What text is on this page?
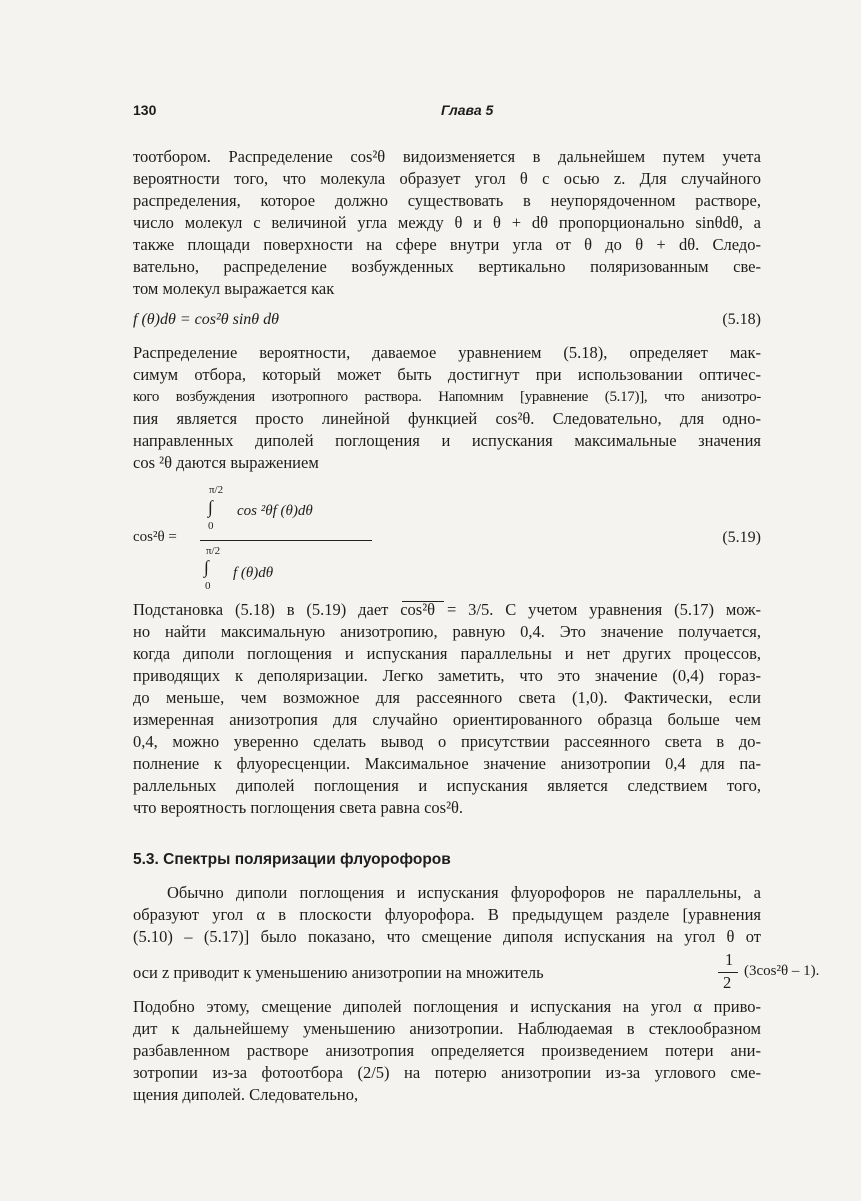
130	Глава 5
тоотбором. Распределение cos²θ видоизменяется в дальнейшем путем учета
вероятности того, что молекула образует угол θ с осью z. Для случайного
распределения, которое должно существовать в неупорядоченном растворе,
число молекул с величиной угла между θ и θ + dθ пропорционально sinθdθ, а
также площади поверхности на сфере внутри угла от θ до θ + dθ. Следо-
вательно, распределение возбужденных вертикально поляризованным све-
том молекул выражается как
f (θ)dθ = cos²θ sinθ dθ	(5.18)
Распределение вероятности, даваемое уравнением (5.18), определяет мак-
симум отбора, который может быть достигнут при использовании оптичес-
кого возбуждения изотропного раствора. Напомним [уравнение (5.17)], что анизотро-
пия является просто линейной функцией cos²θ. Следовательно, для одно-
направленных диполей поглощения и испускания максимальные значения
cos ²θ даются выражением
cos²θ =
π/2
∫
0
cos ²θf (θ)dθ
π/2
∫
0
f (θ)dθ
(5.19)
Подстановка (5.18) в (5.19) дает cos²θ = 3/5. С учетом уравнения (5.17) мож-
но найти максимальную анизотропию, равную 0,4. Это значение получается,
когда диполи поглощения и испускания параллельны и нет других процессов,
приводящих к деполяризации. Легко заметить, что это значение (0,4) гораз-
до меньше, чем возможное для рассеянного света (1,0). Фактически, если
измеренная анизотропия для случайно ориентированного образца больше чем
0,4, можно уверенно сделать вывод о присутствии рассеянного света в до-
полнение к флуоресценции. Максимальное значение анизотропии 0,4 для па-
раллельных диполей поглощения и испускания является следствием того,
что вероятность поглощения света равна cos²θ.
5.3. Спектры поляризации флуорофоров
Обычно диполи поглощения и испускания флуорофоров не параллельны, а
образуют угол α в плоскости флуорофора. В предыдущем разделе [уравнения
(5.10) – (5.17)] было показано, что смещение диполя испускания на угол θ от
оси z приводит к уменьшению анизотропии на множитель
1
2
(3cos²θ – 1).
Подобно этому, смещение диполей поглощения и испускания на угол α приво-
дит к дальнейшему уменьшению анизотропии. Наблюдаемая в стеклообразном
разбавленном растворе анизотропия определяется произведением потери ани-
зотропии из-за фотоотбора (2/5) на потерю анизотропии из-за углового сме-
щения диполей. Следовательно,
